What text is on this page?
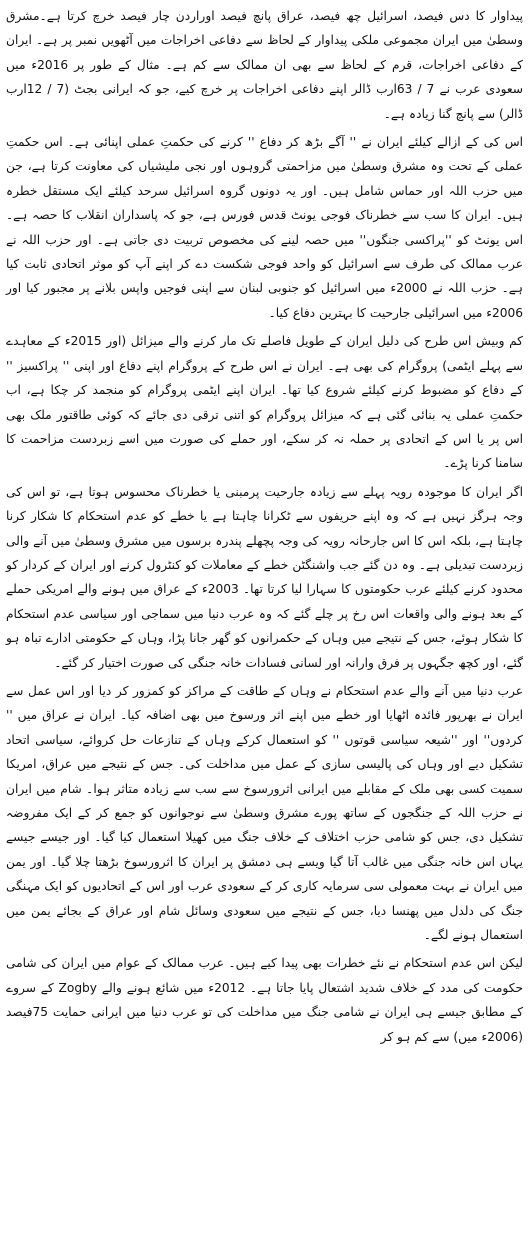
پیداوار کا دس فیصد، اسرائیل چھ فیصد، عراق پانچ فیصد اوراردن چار فیصد خرچ کرتا ہے۔مشرق وسطیٰ میں ایران مجموعی ملکی پیداوار کے لحاظ سے دفاعی اخراجات میں آٹھویں نمبر پر ہے۔ ایران کے دفاعی اخراجات، قرم کے لحاظ سے بھی ان ممالک سے کم ہے۔ مثال کے طور پر 2016ء میں سعودی عرب نے 7 / 63ارب ڈالر اپنے دفاعی اخراجات پر خرچ کیے، جو کہ ایرانی بجٹ (7 / 12ارب ڈالر) سے پانچ گنا زیادہ ہے۔

اس کی کے ازالے کیلئے ایران نے '' آگے بڑھ کر دفاع '' کرنے کی حکمتِ عملی اپنائی ہے۔ اس حکمتِ عملی کے تحت وہ مشرق وسطیٰ میں مزاحمتی گروہوں اور نجی ملیشیاں کی معاونت کرتا ہے، جن میں حزب اللہ اور حماس شامل ہیں۔ اور یہ دونوں گروہ اسرائیل سرحد کیلئے ایک مستقل خطرہ ہیں۔ ایران کا سب سے خطرناک فوجی یونٹ قدس فورس ہے، جو کہ پاسداران انقلاب کا حصہ ہے۔ اس یونٹ کو ''پراکسی جنگوں'' میں حصہ لینے کی مخصوص تربیت دی جاتی ہے۔ اور حزب اللہ نے عرب ممالک کی طرف سے اسرائیل کو واحد فوجی شکست دے کر اپنے آپ کو موثر اتحادی ثابت کیا ہے۔ حزب اللہ نے 2000ء میں اسرائیل کو جنوبی لبنان سے اپنی فوجیں واپس بلانے پر مجبور کیا اور 2006ء میں اسرائیلی جارحیت کا بہترین دفاع کیا۔

کم وبیش اس طرح کی دلیل ایران کے طویل فاصلے تک مار کرنے والے میزائل (اور 2015ء کے معاہدے سے پہلے ایٹمی) پروگرام کی بھی ہے۔ ایران نے اس طرح کے پروگرام اپنے دفاع اور اپنی '' پراکسیز '' کے دفاع کو مضبوط کرنے کیلئے شروع کیا تھا۔ ایران اپنے ایٹمی پروگرام کو منجمد کر چکا ہے، اب حکمتِ عملی یہ بنائی گئی ہے کہ میزائل پروگرام کو اتنی ترقی دی جائے کہ کوئی طاقتور ملک بھی اس پر یا اس کے اتحادی پر حملہ نہ کر سکے، اور حملے کی صورت میں اسے زبردست مزاحمت کا سامنا کرنا پڑے۔

اگر ایران کا موجودہ رویہ پہلے سے زیادہ جارحیت پرمبنی یا خطرناک محسوس ہوتا ہے، تو اس کی وجہ ہرگز نہیں ہے کہ وہ اپنے حریفوں سے ٹکرانا چاہتا ہے یا خطے کو عدم استحکام کا شکار کرنا چاہتا ہے، بلکہ اس کا اس جارحانہ رویہ کی وجہ پچھلے پندرہ برسوں میں مشرق وسطیٰ میں آنے والی زبردست تبدیلی ہے۔ وہ دن گئے جب واشنگٹن خطے کے معاملات کو کنٹرول کرنے اور ایران کے کردار کو محدود کرنے کیلئے عرب حکومتوں کا سہارا لیا کرتا تھا۔ 2003ء کے عراق میں ہونے والے امریکی حملے کے بعد ہونے والی واقعات اس رخ پر چلے گئے کہ وہ عرب دنیا میں سماجی اور سیاسی عدم استحکام کا شکار ہوئے، جس کے نتیجے میں وہاں کے حکمرانوں کو گھر جانا پڑا، وہاں کے حکومتی ادارے تباہ ہو گئے، اور کچھ جگہوں پر فرق وارانہ اور لسانی فسادات خانہ جنگی کی صورت اختیار کر گئے۔

عرب دنیا میں آنے والے عدم استحکام نے وہاں کے طاقت کے مراکز کو کمزور کر دیا اور اس عمل سے ایران نے بھرپور فائدہ اٹھایا اور خطے میں اپنے اثر ورسوخ میں بھی اضافہ کیا۔ ایران نے عراق میں '' کردوں'' اور ''شیعہ سیاسی قوتوں '' کو استعمال کرکے وہاں کے تنازعات حل کروائے، سیاسی اتحاد تشکیل دیے اور وہاں کی پالیسی سازی کے عمل میں مداخلت کی۔ جس کے نتیجے میں عراق، امریکا سمیت کسی بھی ملک کے مقابلے میں ایرانی اثرورسوخ سے سب سے زیادہ متاثر ہوا۔ شام میں ایران نے حزب اللہ کے جنگجوں کے ساتھ پورے مشرق وسطیٰ سے نوجوانوں کو جمع کر کے ایک مفروضہ تشکیل دی، جس کو شامی حزب اختلاف کے خلاف جنگ میں کھیلا استعمال کیا گیا۔ اور جیسے جیسے یہاں اس خانہ جنگی میں غالب آتا گیا ویسے ہی دمشق پر ایران کا اثرورسوخ بڑھتا چلا گیا۔ اور یمن میں ایران نے بہت معمولی سی سرمایہ کاری کر کے سعودی عرب اور اس کے اتحادیوں کو ایک مہنگی جنگ کی دلدل میں پھنسا دیا، جس کے نتیجے میں سعودی وسائل شام اور عراق کے بجائے یمن میں استعمال ہونے لگے۔

لیکن اس عدم استحکام نے نئے خطرات بھی پیدا کیے ہیں۔ عرب ممالک کے عوام میں ایران کی شامی حکومت کی مدد کے خلاف شدید اشتعال پایا جاتا ہے۔ 2012ء میں شائع ہونے والے Zogby کے سروے کے مطابق جیسے ہی ایران نے شامی جنگ میں مداخلت کی تو عرب دنیا میں ایرانی حمایت 75فیصد (2006ء میں) سے کم ہو کر
